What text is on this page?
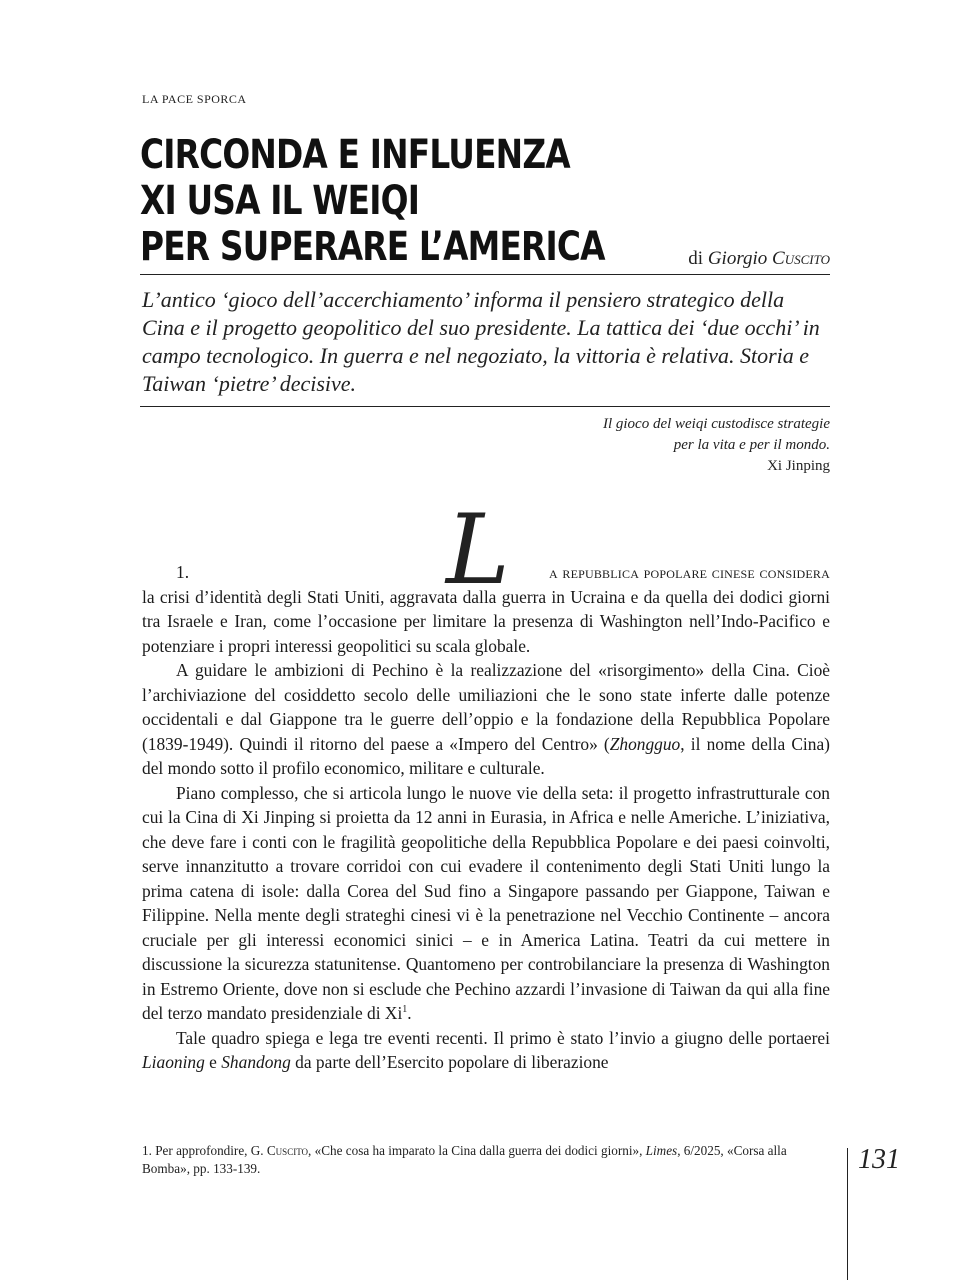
LA PACE SPORCA
CIRCONDA E INFLUENZA
XI USA IL WEIQI
PER SUPERARE L’AMERICA	di Giorgio Cuscito
L’antico ‘gioco dell’accerchiamento’ informa il pensiero strategico della Cina e il progetto geopolitico del suo presidente. La tattica dei ‘due occhi’ in campo tecnologico. In guerra e nel negoziato, la vittoria è relativa. Storia e Taiwan ‘pietre’ decisive.
Il gioco del weiqi custodisce strategie
per la vita e per il mondo.
Xi Jinping
L
1.	a repubblica popolare cinese considera

la crisi d’identità degli Stati Uniti, aggravata dalla guerra in Ucraina e da quella dei dodici giorni tra Israele e Iran, come l’occasione per limitare la presenza di Washington nell’Indo-Pacifico e potenziare i propri interessi geopolitici su scala globale.

A guidare le ambizioni di Pechino è la realizzazione del «risorgimento» della Cina. Cioè l’archiviazione del cosiddetto secolo delle umiliazioni che le sono state inferte dalle potenze occidentali e dal Giappone tra le guerre dell’oppio e la fondazione della Repubblica Popolare (1839-1949). Quindi il ritorno del paese a «Impero del Centro» (Zhongguo, il nome della Cina) del mondo sotto il profilo economico, militare e culturale.

Piano complesso, che si articola lungo le nuove vie della seta: il progetto infrastrutturale con cui la Cina di Xi Jinping si proietta da 12 anni in Eurasia, in Africa e nelle Americhe. L’iniziativa, che deve fare i conti con le fragilità geopolitiche della Repubblica Popolare e dei paesi coinvolti, serve innanzitutto a trovare corridoi con cui evadere il contenimento degli Stati Uniti lungo la prima catena di isole: dalla Corea del Sud fino a Singapore passando per Giappone, Taiwan e Filippine. Nella mente degli strateghi cinesi vi è la penetrazione nel Vecchio Continente – ancora cruciale per gli interessi economici sinici – e in America Latina. Teatri da cui mettere in discussione la sicurezza statunitense. Quantomeno per controbilanciare la presenza di Washington in Estremo Oriente, dove non si esclude che Pechino azzardi l’invasione di Taiwan da qui alla fine del terzo mandato presidenziale di Xi$^1$.

Tale quadro spiega e lega tre eventi recenti. Il primo è stato l’invio a giugno delle portaerei Liaoning e Shandong da parte dell’Esercito popolare di liberazione

1. Per approfondire, G. Cuscito, «Che cosa ha imparato la Cina dalla guerra dei dodici giorni», Limes, 6/2025, «Corsa alla Bomba», pp. 133-139.	131
